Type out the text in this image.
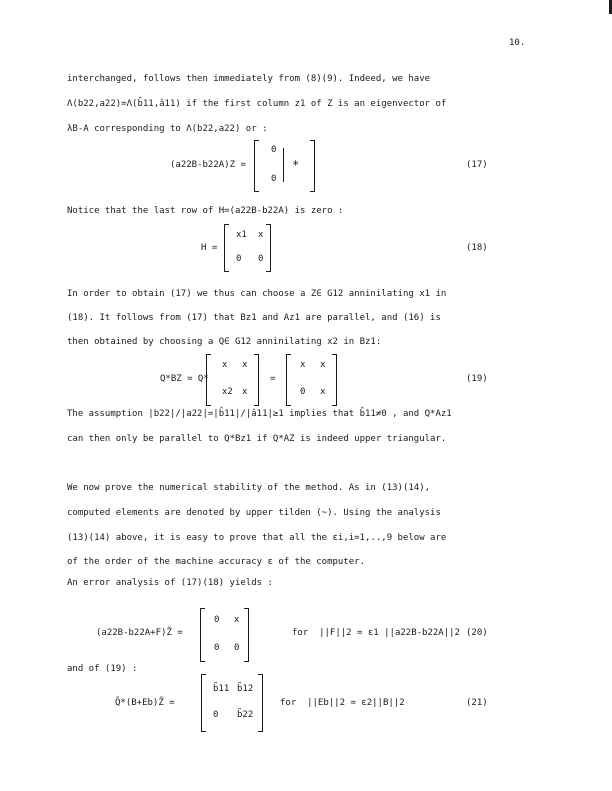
10.
interchanged, follows then immediately from (8)(9). Indeed, we have
Λ(b22,a22)=Λ(b̂11,â11) if the first column z1 of Z is an eigenvector of
λB-A corresponding to Λ(b22,a22) or :
(a22B-b22A)Z =
0
0
*	(17)
Notice that the last row of H=(a22B-b22A) is zero :
H =
x1 x
0 0
(18)
In order to obtain (17) we thus can choose a Z∈ G12 anninilating x1 in
(18). It follows from (17) that Bz1 and Az1 are parallel, and (16) is
then obtained by choosing a Q∈ G12 anninilating x2 in Bz1:
Q*BZ = Q*
x x
x2 x
=
x x
0 x
(19)
The assumption |b22|/|a22|=|b̂11|/|â11|≥1 implies that b̂11≠0 , and Q*Az1
can then only be parallel to Q*Bz1 if Q*AZ is indeed upper triangular.
We now prove the numerical stability of the method. As in (13)(14),
computed elements are denoted by upper tilden (~). Using the analysis
(13)(14) above, it is easy to prove that all the εi,i=1,..,9 below are
of the order of the machine accuracy ε of the computer.
An error analysis of (17)(18) yields :
(a22B-b22A+F)Z̃ =
0 x
0 0
for  ||F||2 = ε1 ||a22B-b22A||2 (20)
and of (19) :
Q̃*(B+Eb)Z̃ =
b̃11 b̃12
0 b̃22
for  ||Eb||2 = ε2||B||2	(21)
